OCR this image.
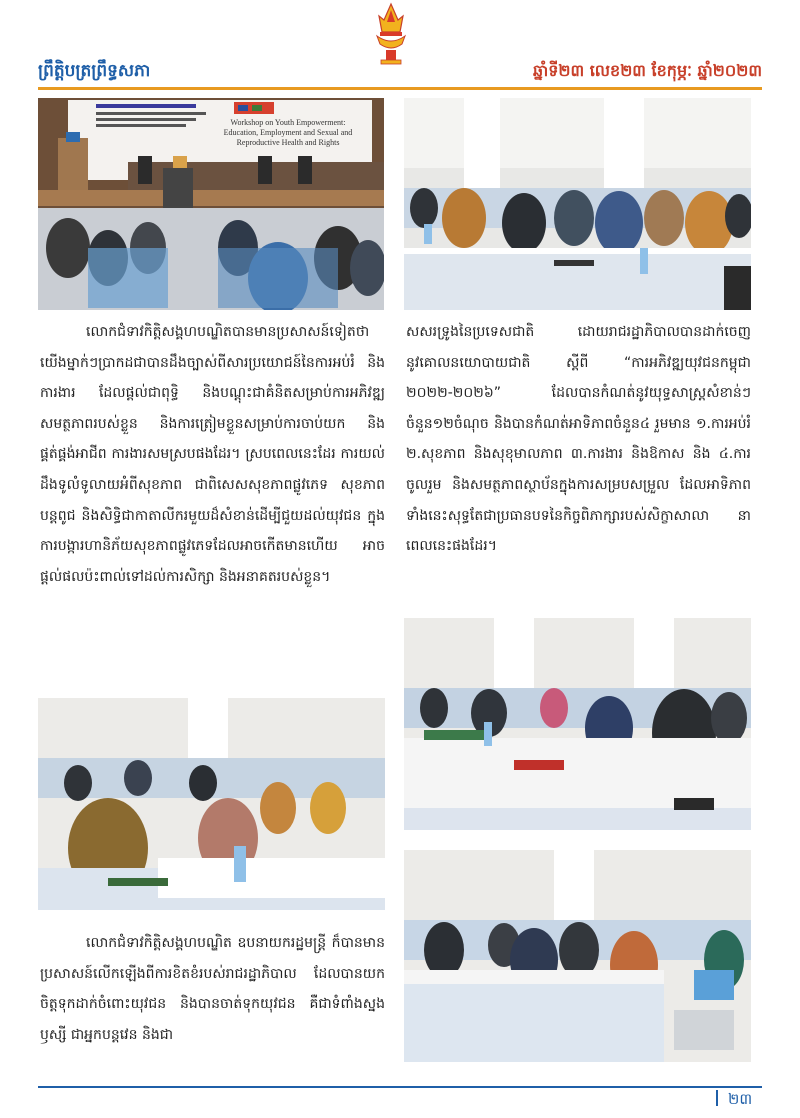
ព្រឹត្តិបត្រព្រឹទ្ធសភា	ឆ្នាំទី២៣ លេខ២៣ ខែកុម្ភៈ ឆ្នាំ២០២៣
Workshop on Youth Empowerment: Education, Employment and Sexual and Reproductive Health and Rights

លោកជំទាវកិត្តិសង្គហបណ្ឌិតបានមានប្រសាសន៍ទៀតថា យើងម្នាក់ៗប្រាកដជាបានដឹងច្បាស់ពីសារប្រយោជន៍នៃការអប់រំ និងការងារ ដែលផ្តល់ជាពុទ្ធិ និងបណ្ដុះជាគំនិតសម្រាប់ការអភិវឌ្ឍសមត្ថភាពរបស់ខ្លួន និងការត្រៀមខ្លួនសម្រាប់ការចាប់យក និងផ្គត់ផ្គង់អាជីព ការងារសមស្របផងដែរ។ ស្របពេលនេះដែរ ការយល់ដឹងទូលំទូលាយអំពីសុខភាព ជាពិសេសសុខភាពផ្លូវភេទ សុខភាពបន្តពូជ និងសិទ្ធិជាកាតាលីករមួយដ៏សំខាន់ដើម្បីជួយដល់យុវជន ក្នុងការបង្ការហានិភ័យសុខភាពផ្លូវភេទដែលអាចកើតមានហើយ អាចផ្តល់ផលប៉ះពាល់ទៅដល់ការសិក្សា និងអនាគតរបស់ខ្លួន។

សសរទ្រូងនៃប្រទេសជាតិ ដោយរាជរដ្ឋាភិបាលបានដាក់ចេញនូវគោលនយោបាយជាតិ ស្តីពី “ការអភិវឌ្ឍយុវជនកម្ពុជា ២០២២-២០២៦” ដែលបានកំណត់នូវយុទ្ធសាស្រ្តសំខាន់ៗចំនួន១២ចំណុច និងបានកំណត់អាទិភាពចំនួន៤ រួមមាន ១.ការអប់រំ ២.សុខភាព និងសុខុមាលភាព ៣.ការងារ និងឱកាស និង ៤.ការចូលរួម និងសមត្ថភាពស្ថាប័នក្នុងការសម្របសម្រួល ដែលអាទិភាពទាំងនេះសុទ្ធតែជាប្រធានបទនៃកិច្ចពិភាក្សារបស់សិក្ខាសាលា នាពេលនេះផងដែរ។

លោកជំទាវកិត្តិសង្គហបណ្ឌិត ឧបនាយករដ្ឋមន្ត្រី ក៏បានមានប្រសាសន៍លើកឡើងពីការខិតខំរបស់រាជរដ្ឋាភិបាល ដែលបានយកចិត្តទុកដាក់ចំពោះយុវជន និងបានចាត់ទុកយុវជន គឺជាទំពាំងស្នងឫស្សី ជាអ្នកបន្តវេន និងជា

២៣
